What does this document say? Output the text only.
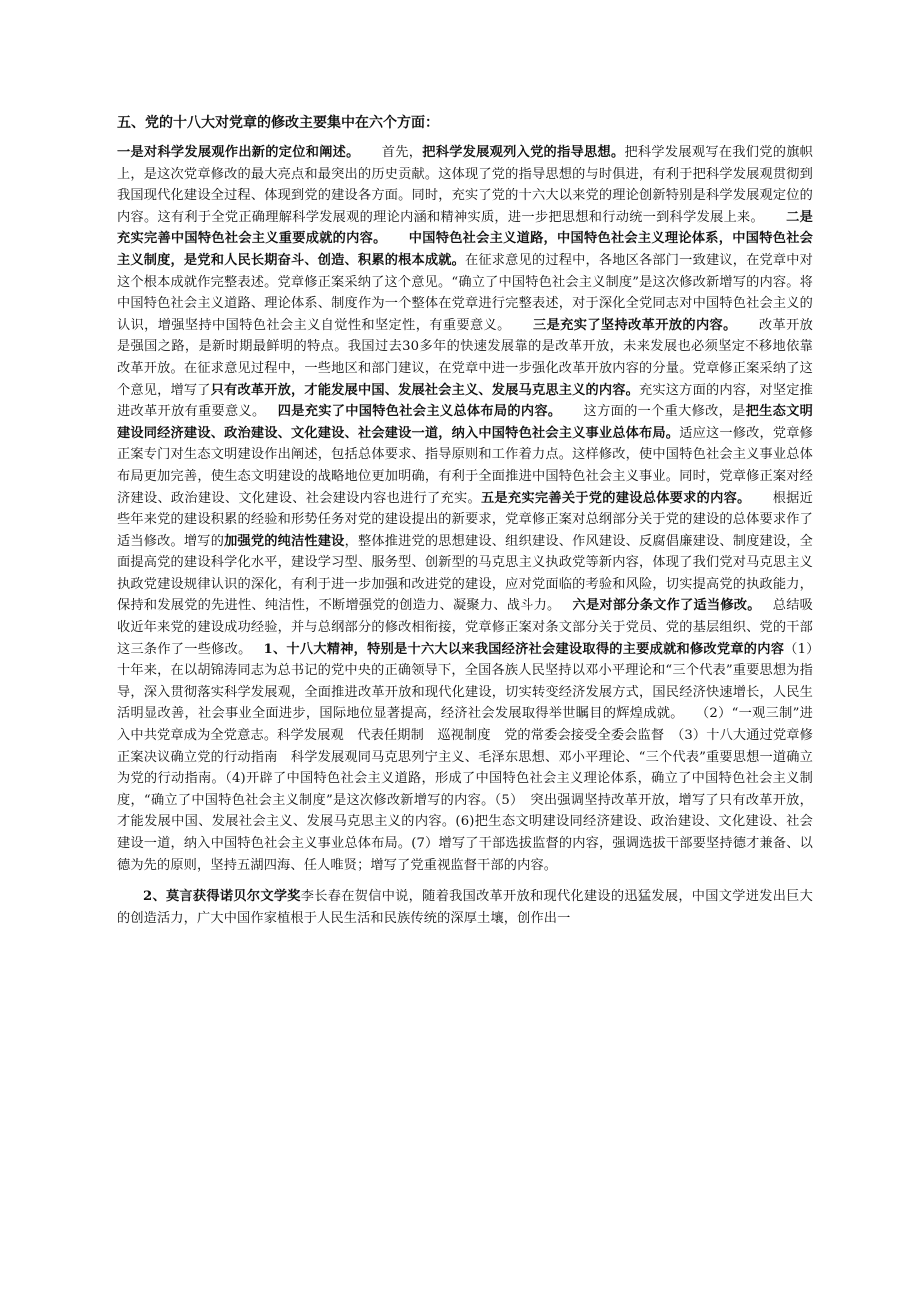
五、党的十八大对党章的修改主要集中在六个方面：

一是对科学发展观作出新的定位和阐述。 首先，把科学发展观列入党的指导思想。把科学发展观写在我们党的旗帜上，是这次党章修改的最大亮点和最突出的历史贡献。这体现了党的指导思想的与时俱进，有利于把科学发展观贯彻到我国现代化建设全过程、体现到党的建设各方面。同时，充实了党的十六大以来党的理论创新特别是科学发展观定位的内容。这有利于全党正确理解科学发展观的理论内涵和精神实质，进一步把思想和行动统一到科学发展上来。 二是充实完善中国特色社会主义重要成就的内容。 中国特色社会主义道路，中国特色社会主义理论体系，中国特色社会主义制度，是党和人民长期奋斗、创造、积累的根本成就。在征求意见的过程中，各地区各部门一致建议，在党章中对这个根本成就作完整表述。党章修正案采纳了这个意见。“确立了中国特色社会主义制度”是这次修改新增写的内容。将中国特色社会主义道路、理论体系、制度作为一个整体在党章进行完整表述，对于深化全党同志对中国特色社会主义的认识，增强坚持中国特色社会主义自觉性和坚定性，有重要意义。 三是充实了坚持改革开放的内容。 改革开放是强国之路，是新时期最鲜明的特点。我国过去30多年的快速发展靠的是改革开放，未来发展也必须坚定不移地依靠改革开放。在征求意见过程中，一些地区和部门建议，在党章中进一步强化改革开放内容的分量。党章修正案采纳了这个意见，增写了只有改革开放，才能发展中国、发展社会主义、发展马克思主义的内容。充实这方面的内容，对坚定推进改革开放有重要意义。 四是充实了中国特色社会主义总体布局的内容。 这方面的一个重大修改，是把生态文明建设同经济建设、政治建设、文化建设、社会建设一道，纳入中国特色社会主义事业总体布局。适应这一修改，党章修正案专门对生态文明建设作出阐述，包括总体要求、指导原则和工作着力点。这样修改，使中国特色社会主义事业总体布局更加完善，使生态文明建设的战略地位更加明确，有利于全面推进中国特色社会主义事业。同时，党章修正案对经济建设、政治建设、文化建设、社会建设内容也进行了充实。五是充实完善关于党的建设总体要求的内容。 根据近些年来党的建设积累的经验和形势任务对党的建设提出的新要求，党章修正案对总纲部分关于党的建设的总体要求作了适当修改。增写的加强党的纯洁性建设，整体推进党的思想建设、组织建设、作风建设、反腐倡廉建设、制度建设，全面提高党的建设科学化水平，建设学习型、服务型、创新型的马克思主义执政党等新内容，体现了我们党对马克思主义执政党建设规律认识的深化，有利于进一步加强和改进党的建设，应对党面临的考验和风险，切实提高党的执政能力，保持和发展党的先进性、纯洁性，不断增强党的创造力、凝聚力、战斗力。 六是对部分条文作了适当修改。 总结吸收近年来党的建设成功经验，并与总纲部分的修改相衔接，党章修正案对条文部分关于党员、党的基层组织、党的干部这三条作了一些修改。 1、十八大精神，特别是十六大以来我国经济社会建设取得的主要成就和修改党章的内容（1）十年来，在以胡锦涛同志为总书记的党中央的正确领导下，全国各族人民坚持以邓小平理论和“三个代表”重要思想为指导，深入贯彻落实科学发展观，全面推进改革开放和现代化建设，切实转变经济发展方式，国民经济快速增长，人民生活明显改善，社会事业全面进步，国际地位显著提高，经济社会发展取得举世瞩目的辉煌成就。 （2）“一观三制”进入中共党章成为全党意志。科学发展观　代表任期制　巡视制度　党的常委会接受全委会监督　（3）十八大通过党章修正案决议确立党的行动指南　科学发展观同马克思列宁主义、毛泽东思想、邓小平理论、“三个代表”重要思想一道确立为党的行动指南。（4)开辟了中国特色社会主义道路，形成了中国特色社会主义理论体系，确立了中国特色社会主义制度，“确立了中国特色社会主义制度”是这次修改新增写的内容。（5）　突出强调坚持改革开放，增写了只有改革开放，才能发展中国、发展社会主义、发展马克思主义的内容。(6)把生态文明建设同经济建设、政治建设、文化建设、社会建设一道，纳入中国特色社会主义事业总体布局。(7）增写了干部选拔监督的内容，强调选拔干部要坚持德才兼备、以德为先的原则，坚持五湖四海、任人唯贤；增写了党重视监督干部的内容。

2、莫言获得诺贝尔文学奖李长春在贺信中说，随着我国改革开放和现代化建设的迅猛发展，中国文学迸发出巨大的创造活力，广大中国作家植根于人民生活和民族传统的深厚土壤，创作出一
